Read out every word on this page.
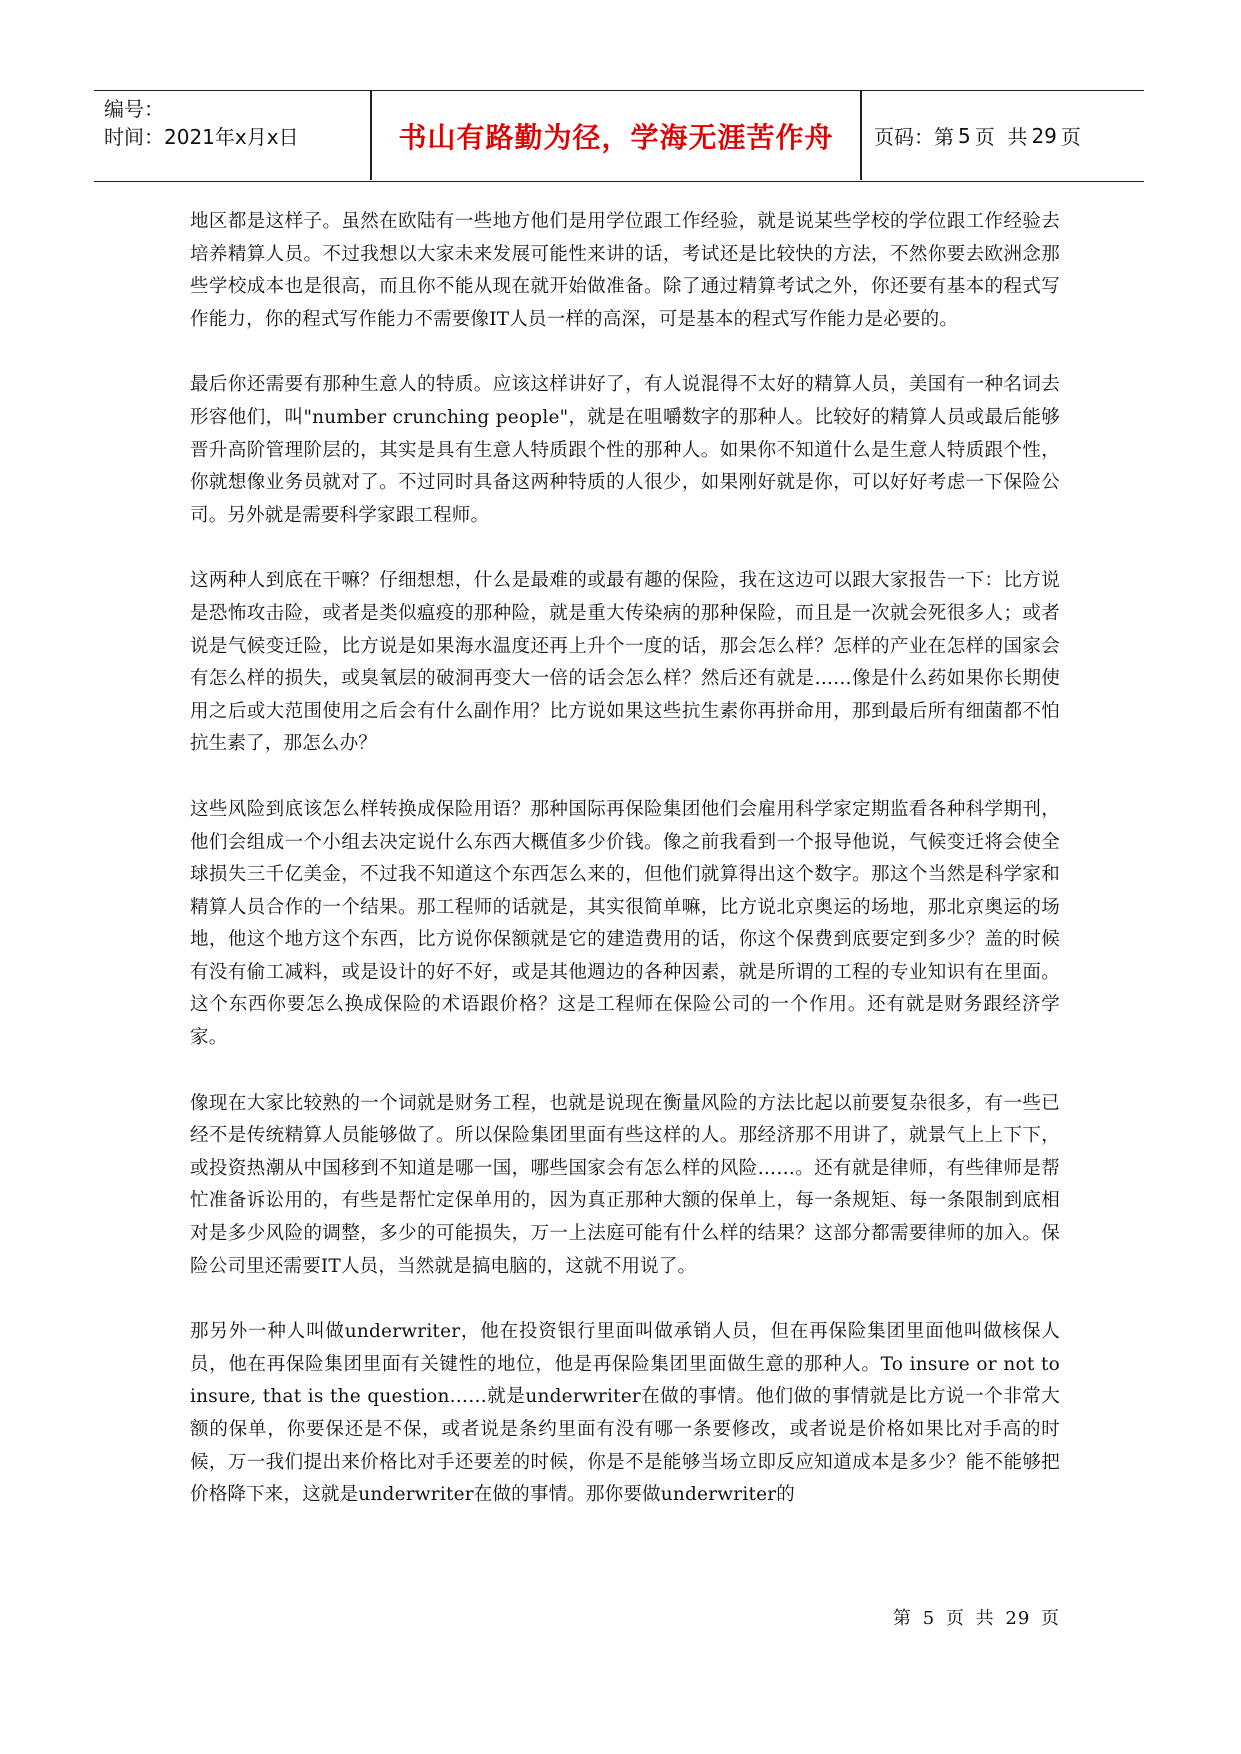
编号：
时间：2021年x月x日	书山有路勤为径，学海无涯苦作舟	页码：第 5 页  共 29 页

地区都是这样子。虽然在欧陆有一些地方他们是用学位跟工作经验，就是说某些学校的学位跟工作经验去培养精算人员。不过我想以大家未来发展可能性来讲的话，考试还是比较快的方法，不然你要去欧洲念那些学校成本也是很高，而且你不能从现在就开始做准备。除了通过精算考试之外，你还要有基本的程式写作能力，你的程式写作能力不需要像IT人员一样的高深，可是基本的程式写作能力是必要的。

最后你还需要有那种生意人的特质。应该这样讲好了，有人说混得不太好的精算人员，美国有一种名词去形容他们，叫"number crunching people"，就是在咀嚼数字的那种人。比较好的精算人员或最后能够晋升高阶管理阶层的，其实是具有生意人特质跟个性的那种人。如果你不知道什么是生意人特质跟个性，你就想像业务员就对了。不过同时具备这两种特质的人很少，如果刚好就是你，可以好好考虑一下保险公司。另外就是需要科学家跟工程师。

这两种人到底在干嘛？仔细想想，什么是最难的或最有趣的保险，我在这边可以跟大家报告一下：比方说是恐怖攻击险，或者是类似瘟疫的那种险，就是重大传染病的那种保险，而且是一次就会死很多人；或者说是气候变迁险，比方说是如果海水温度还再上升个一度的话，那会怎么样？怎样的产业在怎样的国家会有怎么样的损失，或臭氧层的破洞再变大一倍的话会怎么样？然后还有就是……像是什么药如果你长期使用之后或大范围使用之后会有什么副作用？比方说如果这些抗生素你再拼命用，那到最后所有细菌都不怕抗生素了，那怎么办？

这些风险到底该怎么样转换成保险用语？那种国际再保险集团他们会雇用科学家定期监看各种科学期刊，他们会组成一个小组去决定说什么东西大概值多少价钱。像之前我看到一个报导他说，气候变迁将会使全球损失三千亿美金，不过我不知道这个东西怎么来的，但他们就算得出这个数字。那这个当然是科学家和精算人员合作的一个结果。那工程师的话就是，其实很简单嘛，比方说北京奥运的场地，那北京奥运的场地，他这个地方这个东西，比方说你保额就是它的建造费用的话，你这个保费到底要定到多少？盖的时候有没有偷工减料，或是设计的好不好，或是其他週边的各种因素，就是所谓的工程的专业知识有在里面。这个东西你要怎么换成保险的术语跟价格？这是工程师在保险公司的一个作用。还有就是财务跟经济学家。

像现在大家比较熟的一个词就是财务工程，也就是说现在衡量风险的方法比起以前要复杂很多，有一些已经不是传统精算人员能够做了。所以保险集团里面有些这样的人。那经济那不用讲了，就景气上上下下，或投资热潮从中国移到不知道是哪一国，哪些国家会有怎么样的风险……。还有就是律师，有些律师是帮忙准备诉讼用的，有些是帮忙定保单用的，因为真正那种大额的保单上，每一条规矩、每一条限制到底相对是多少风险的调整，多少的可能损失，万一上法庭可能有什么样的结果？这部分都需要律师的加入。保险公司里还需要IT人员，当然就是搞电脑的，这就不用说了。

那另外一种人叫做underwriter，他在投资银行里面叫做承销人员，但在再保险集团里面他叫做核保人员，他在再保险集团里面有关键性的地位，他是再保险集团里面做生意的那种人。To insure or not to insure, that is the question……就是underwriter在做的事情。他们做的事情就是比方说一个非常大额的保单，你要保还是不保，或者说是条约里面有没有哪一条要修改，或者说是价格如果比对手高的时候，万一我们提出来价格比对手还要差的时候，你是不是能够当场立即反应知道成本是多少？能不能够把价格降下来，这就是underwriter在做的事情。那你要做underwriter的

第 5 页 共 29 页
